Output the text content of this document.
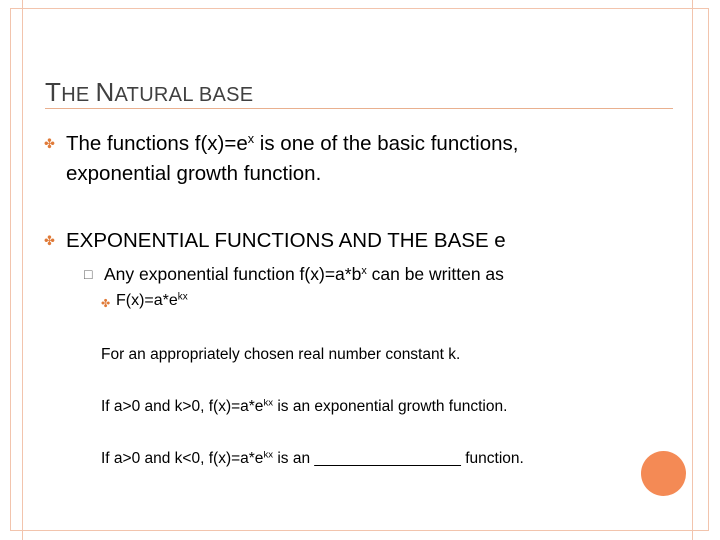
THE NATURAL BASE
✤ The functions $f(x)=e^x$ is one of the basic functions,
exponential growth function.
✤ EXPONENTIAL FUNCTIONS AND THE BASE e
□ Any exponential function $f(x)=a*b^x$ can be written as
✤ $F(x)=a*e^{kx}$
For an appropriately chosen real number constant k.
If a>0 and k>0, $f(x)=a*e^{kx}$ is an exponential growth function.
If a>0 and k<0, $f(x)=a*e^{kx}$ is an _________________ function.
